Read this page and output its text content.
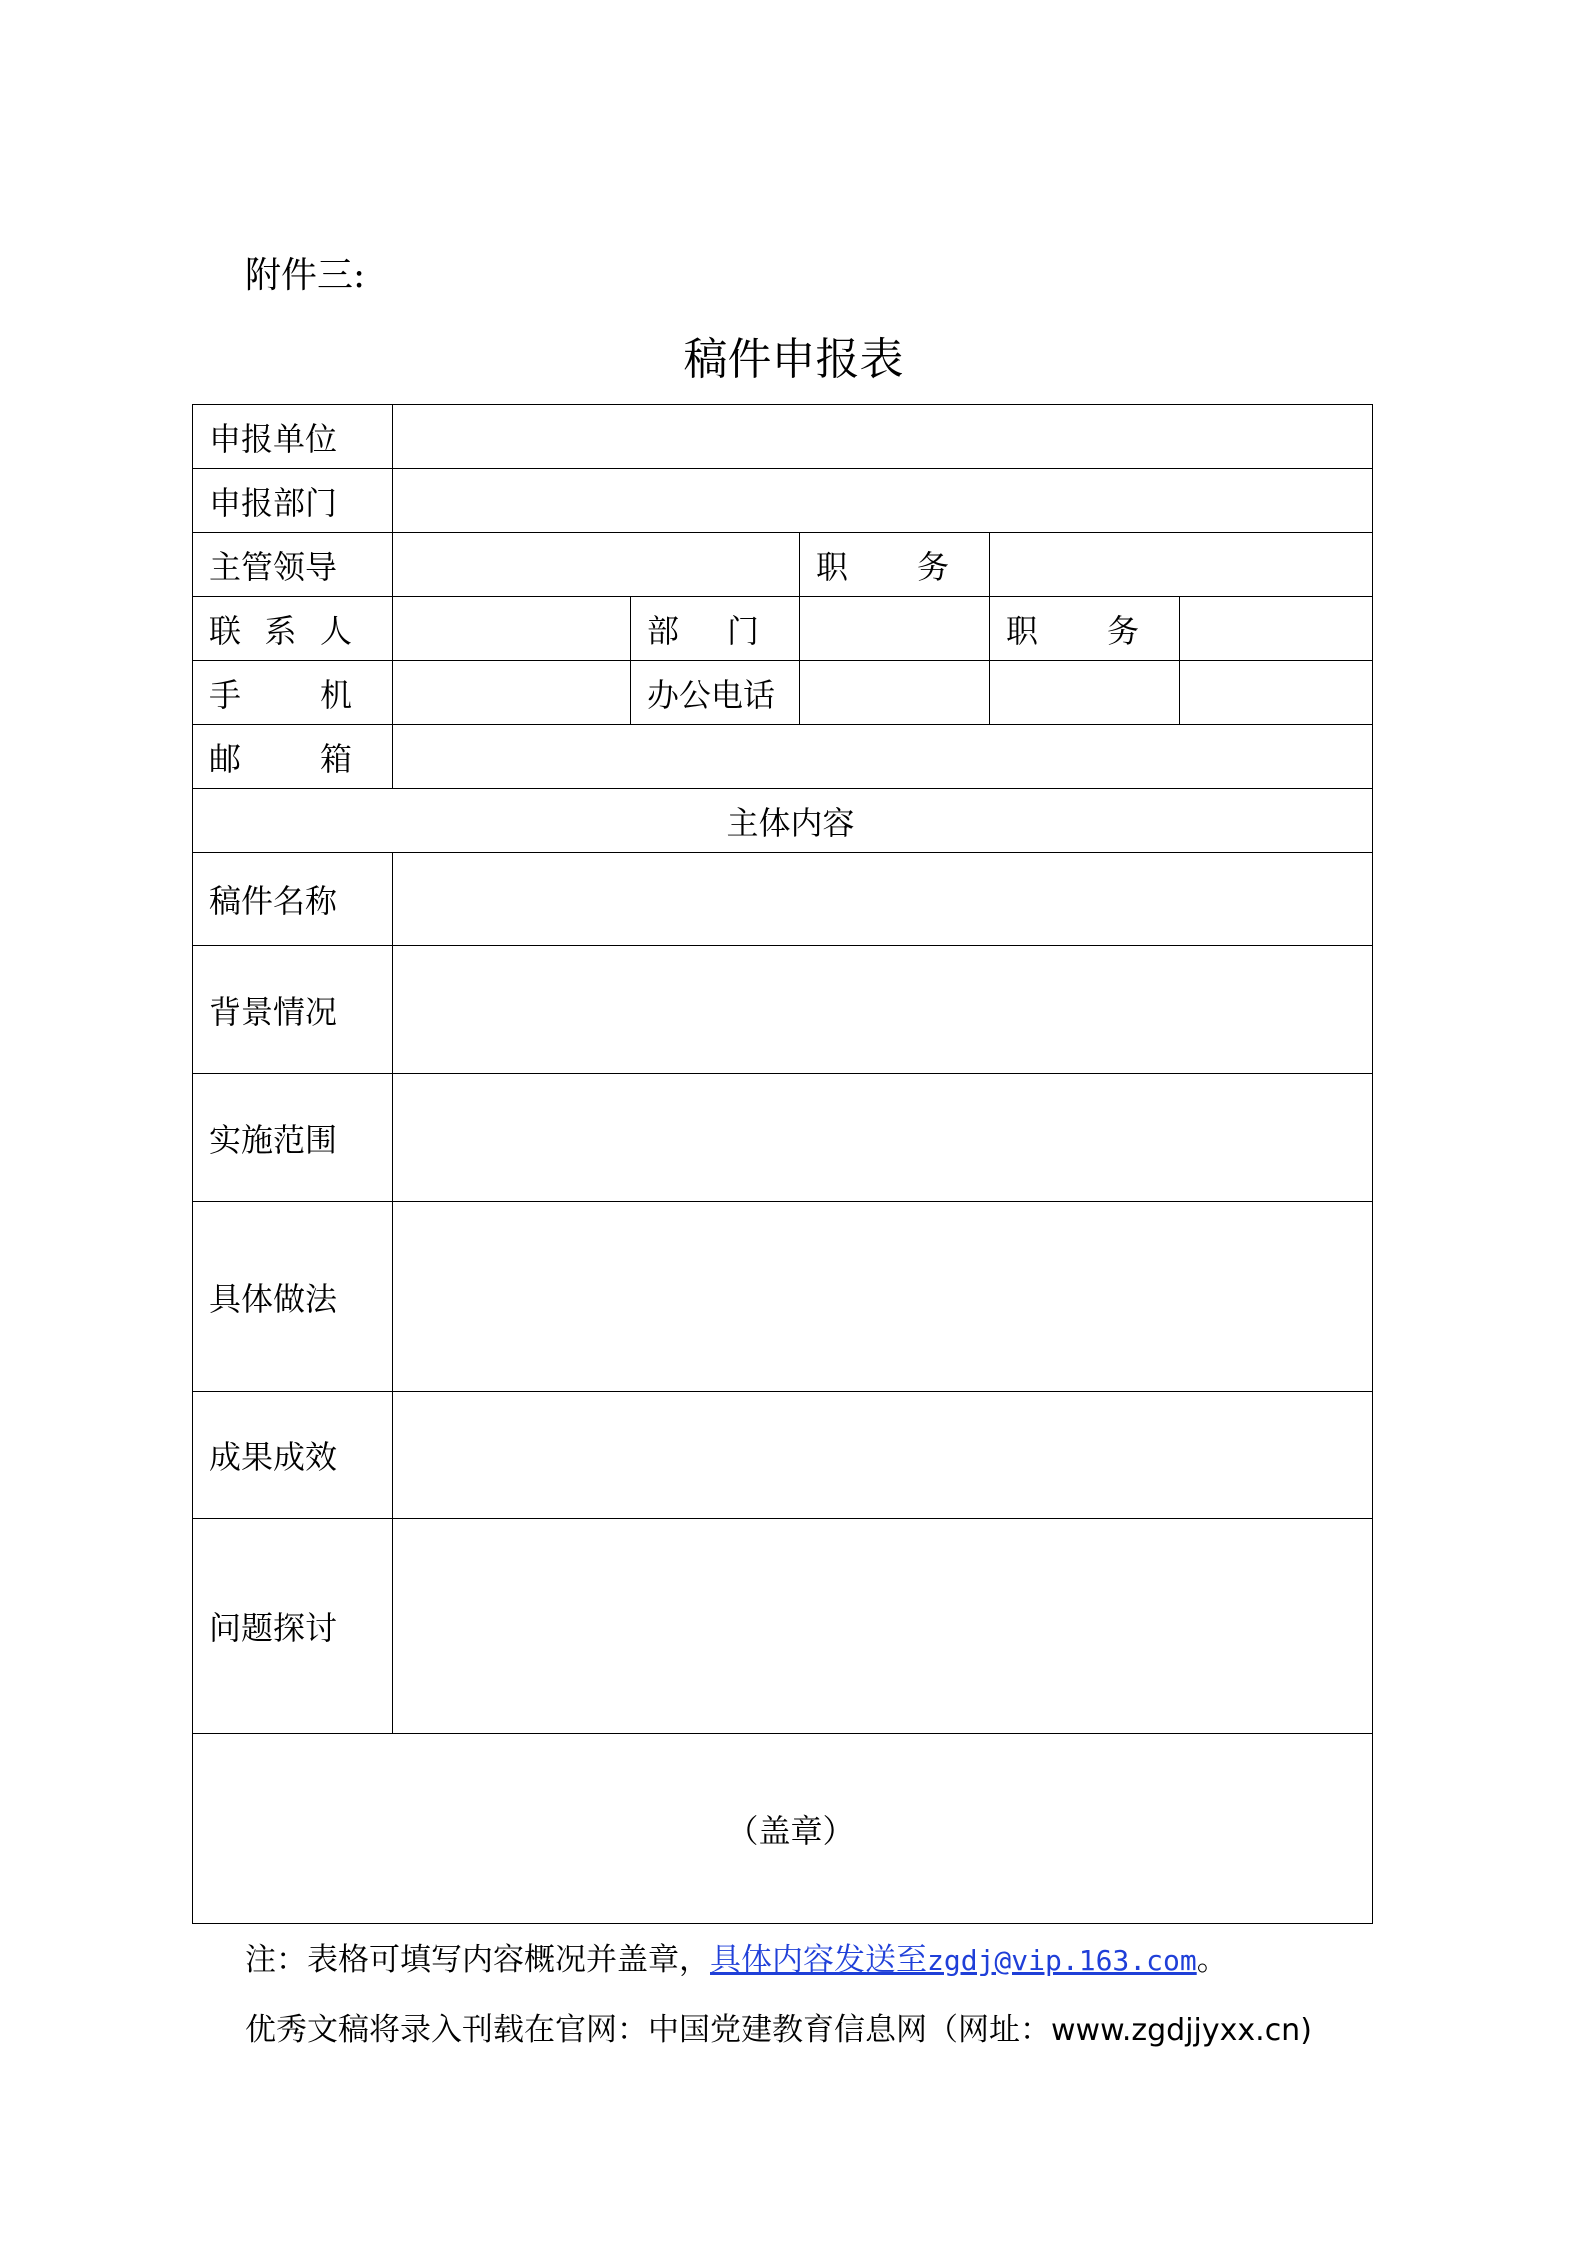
附件三:
稿件申报表
申报单位					
申报部门					
主管领导			职 务		

联 系 人		部 门		职 务	

手 机		办公电话			

邮 箱					

主体内容					
稿件名称					
背景情况					
实施范围					
具体做法					
成果成效					
问题探讨					
（盖章）					
注：表格可填写内容概况并盖章，具体内容发送至zgdj@vip.163.com。
优秀文稿将录入刊载在官网：中国党建教育信息网（网址：www.zgdjjyxx.cn)
